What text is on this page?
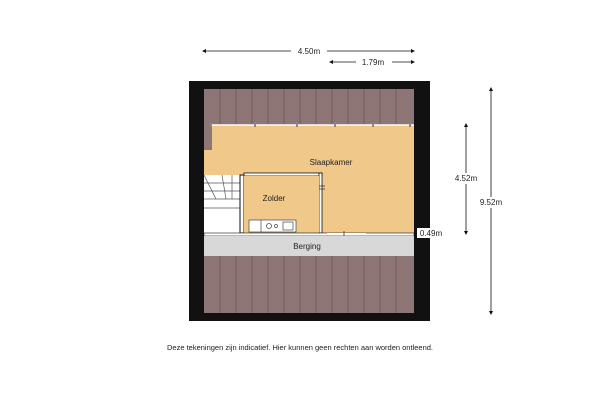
Slaapkamer
Zolder
Berging
4.50m
1.79m
4.52m
9.52m
0.49m
Deze tekeningen zijn indicatief. Hier kunnen geen rechten aan worden ontleend.
